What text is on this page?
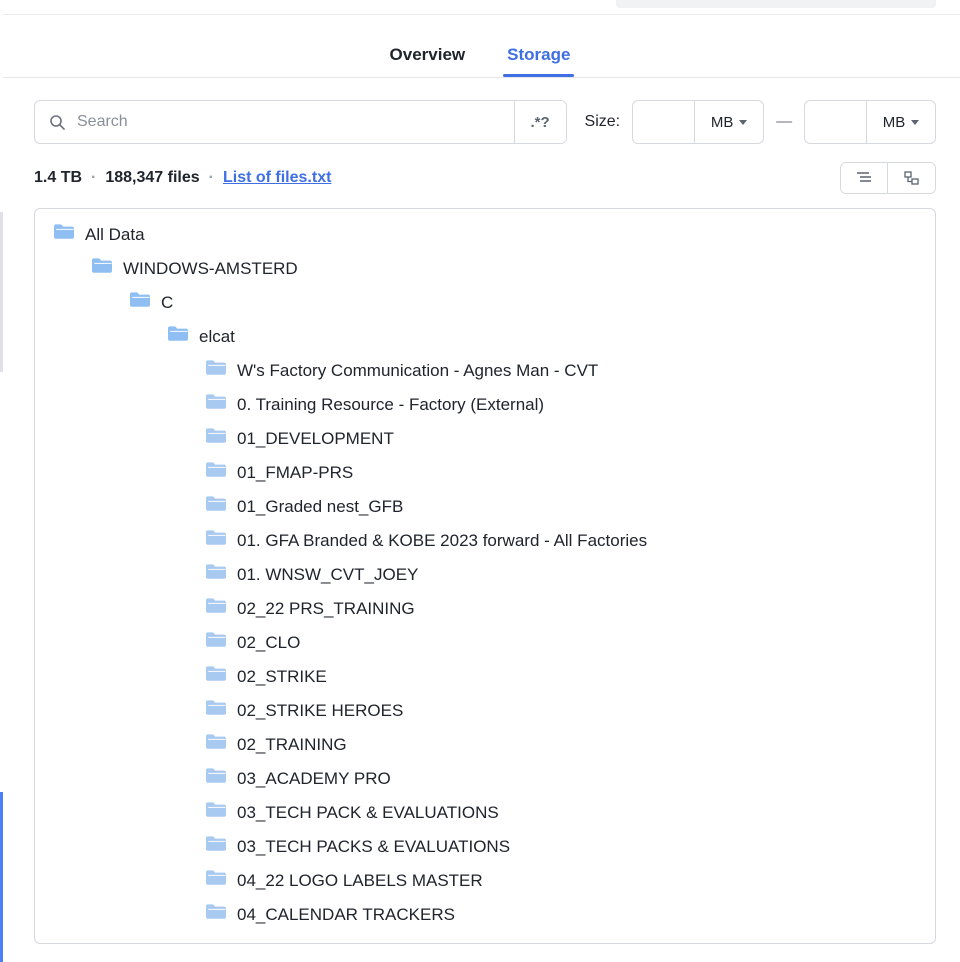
Overview Storage
Search
.*?	Size:	MB	—	MB
1.4 TB · 188,347 files · List of files.txt
All Data
WINDOWS-AMSTERD
C
elcat
W's Factory Communication - Agnes Man - CVT
0. Training Resource - Factory (External)
01_DEVELOPMENT
01_FMAP-PRS
01_Graded nest_GFB
01. GFA Branded & KOBE 2023 forward - All Factories
01. WNSW_CVT_JOEY
02_22 PRS_TRAINING
02_CLO
02_STRIKE
02_STRIKE HEROES
02_TRAINING
03_ACADEMY PRO
03_TECH PACK & EVALUATIONS
03_TECH PACKS & EVALUATIONS
04_22 LOGO LABELS MASTER
04_CALENDAR TRACKERS
